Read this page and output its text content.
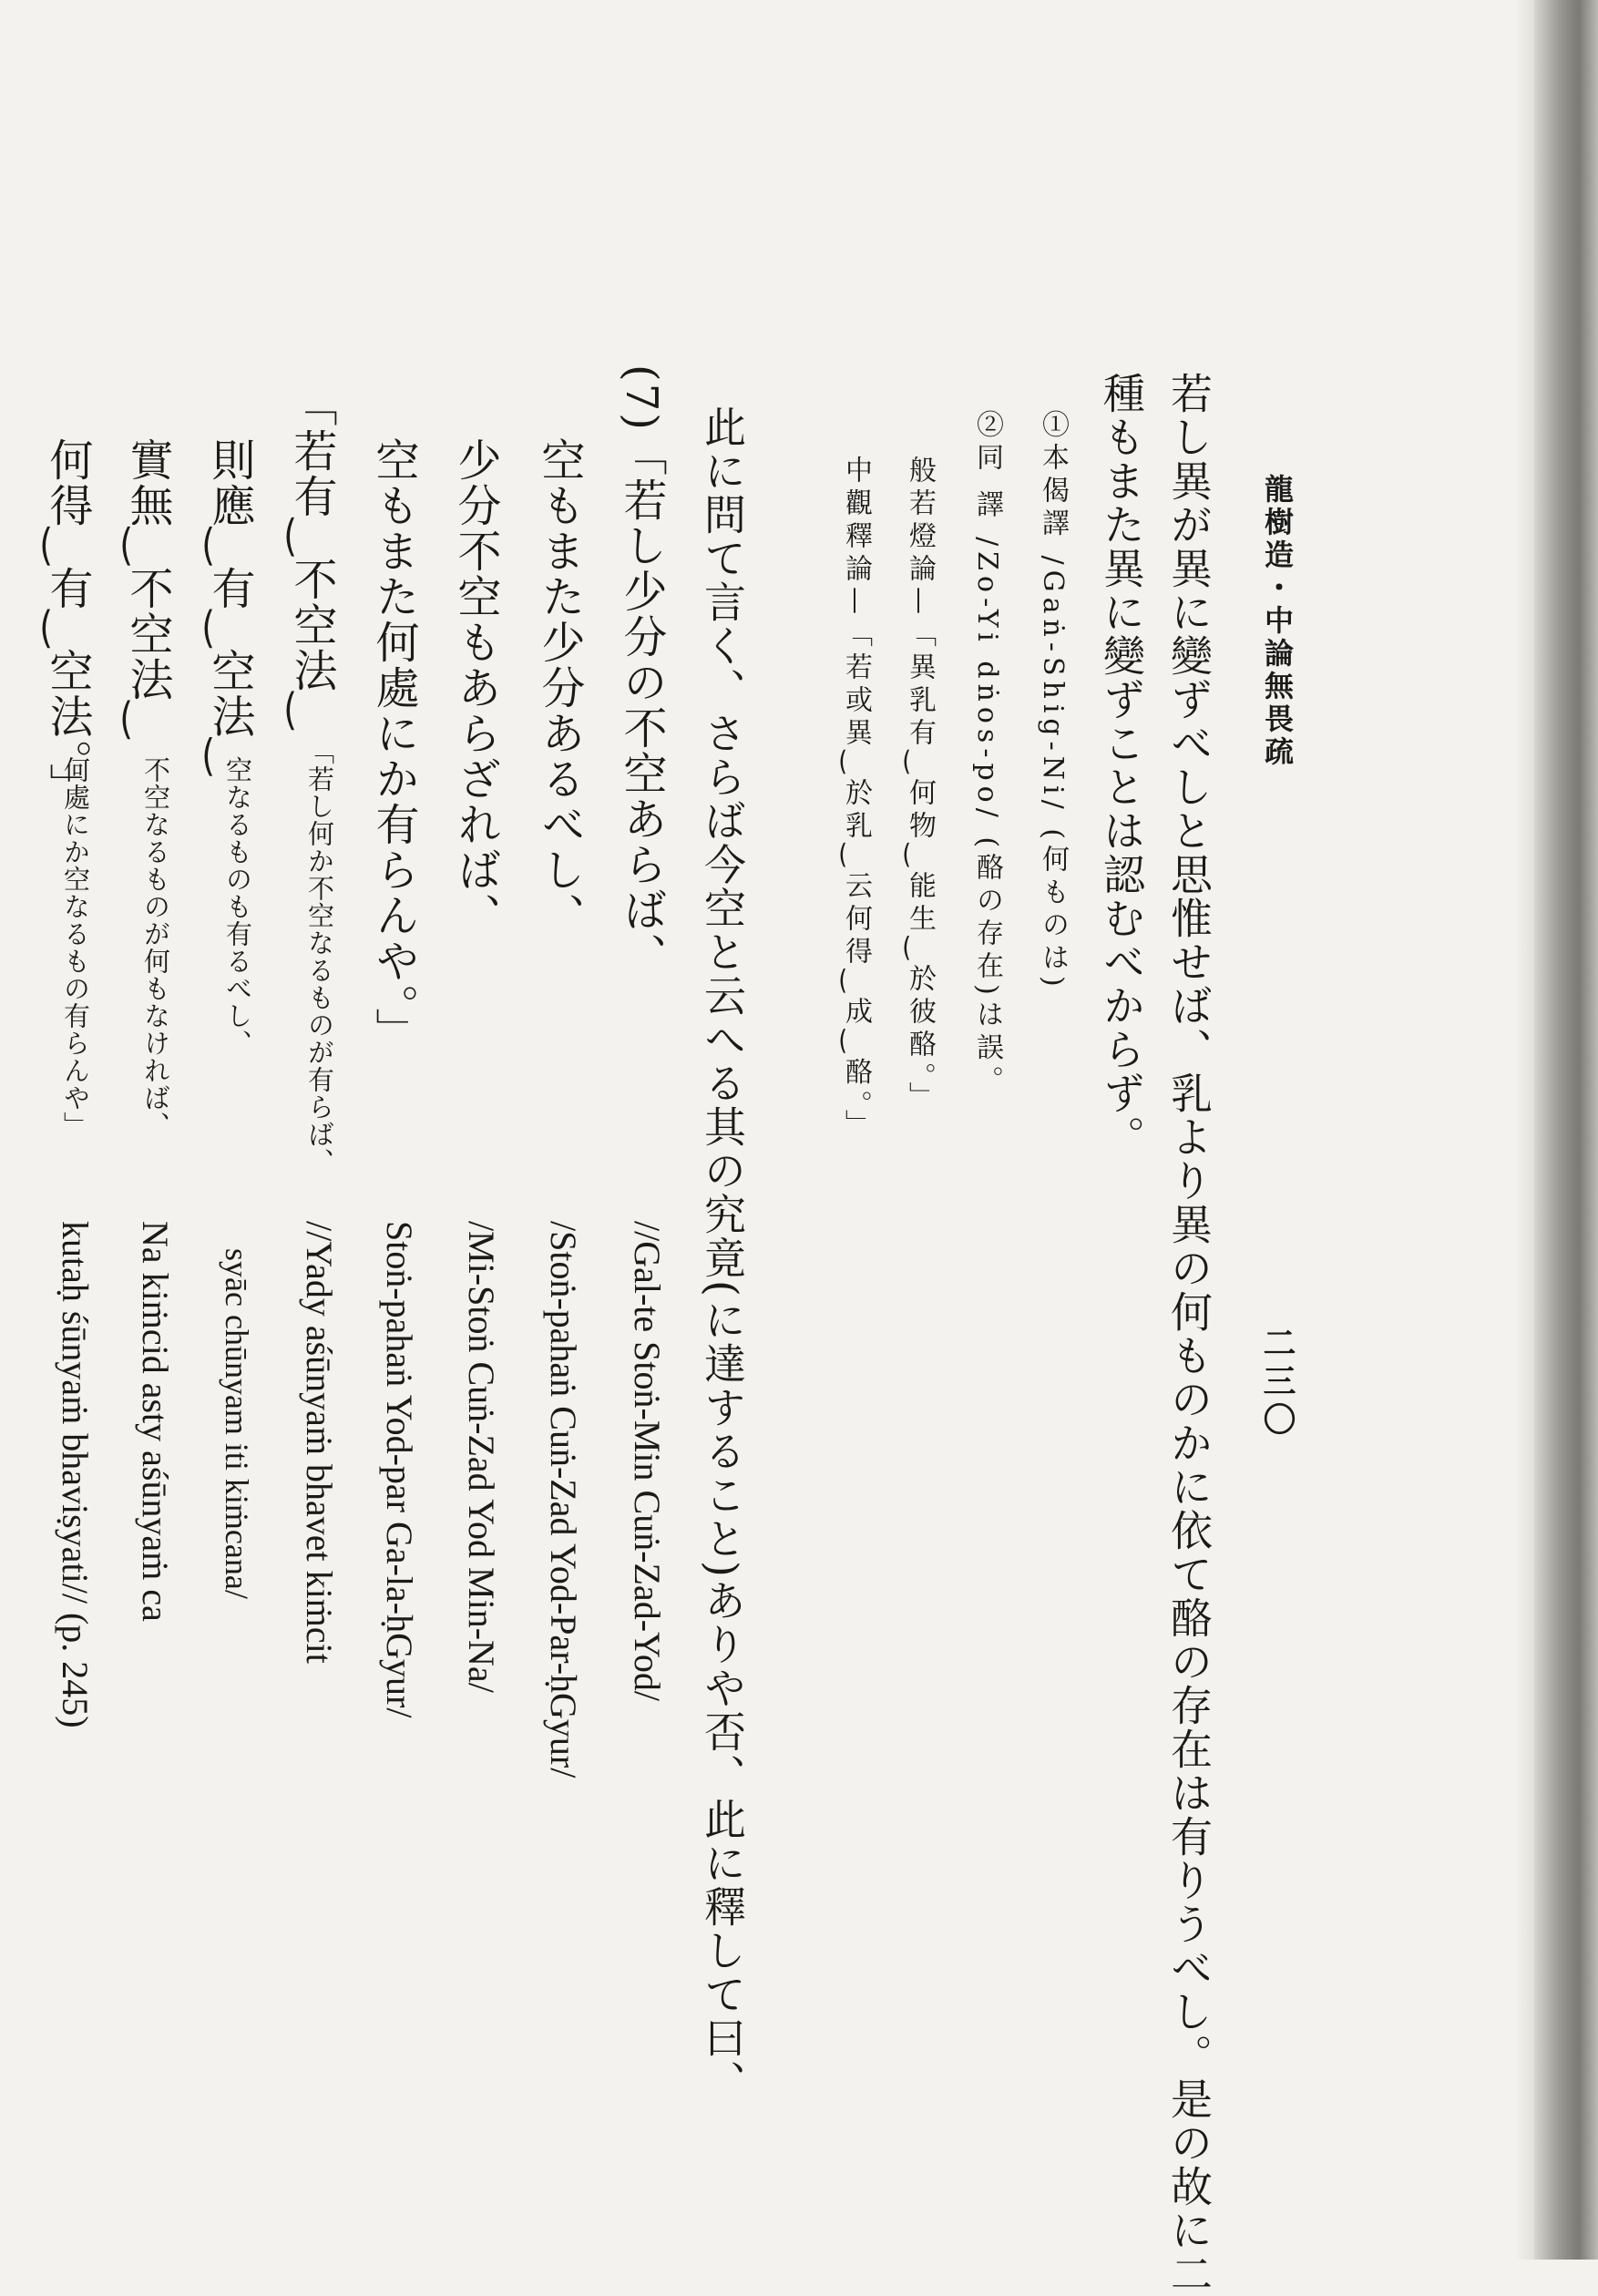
龍樹造・中論無畏疏
二三〇
若し異が異に變ずべしと思惟せば、乳より異の何ものかに依て酪の存在は有りうべし。是の故に二
種もまた異に變ずことは認むべからず。
①本偈譯 /Gaṅ-Shig-Ni/ (何ものは)
②同 譯 /Zo-Yi dṅos-po/ (酪の存在)は誤。
般若燈論—「異乳有‿何物‿能生‿於彼酪。」
中觀釋論—「若或異‿於乳‿云何得‿成‿酪。」
此に問て言く、さらば今空と云へる其の究竟(に達すること)ありや否、此に釋して曰、
(7)「若し少分の不空あらば、
空もまた少分あるべし、
少分不空もあらざれば、
空もまた何處にか有らんや。」
「若有‿不空法‿
則應‿有‿空法‿
實無‿不空法‿
何得‿有‿空法。」
「若し何か不空なるものが有らば、
空なるものも有るべし、
不空なるものが何もなければ、
何處にか空なるもの有らんや」
//Gal-te Stoṅ-Min Cuṅ-Zad-Yod/
/Stoṅ-pahaṅ Cuṅ-Zad Yod-Par-ḥGyur/
/Mi-Stoṅ Cuṅ-Zad Yod Min-Na/
Stoṅ-pahaṅ Yod-par Ga-la-ḥGyur/
//Yady aśūnyaṁ bhavet kiṁcit
syāc chūnyam iti kiṁcana/
Na kiṁcid asty aśūnyaṁ ca
kutaḥ śūnyaṁ bhaviṣyati// (p. 245)
